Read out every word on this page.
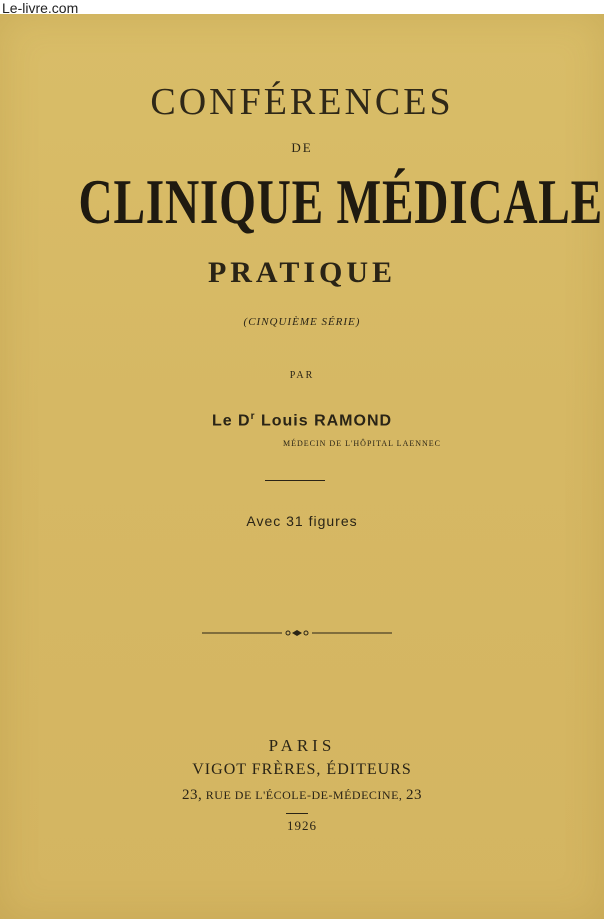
Le-livre.com
CONFÉRENCES
DE
CLINIQUE MÉDICALE
PRATIQUE
(CINQUIÈME SÉRIE)
PAR
Le $D^r$ Louis RAMOND
MÉDECIN DE L'HÔPITAL LAENNEC
Avec 31 figures
PARIS
VIGOT FRÈRES, ÉDITEURS
23, RUE DE L'ÉCOLE-DE-MÉDECINE, 23
1926
